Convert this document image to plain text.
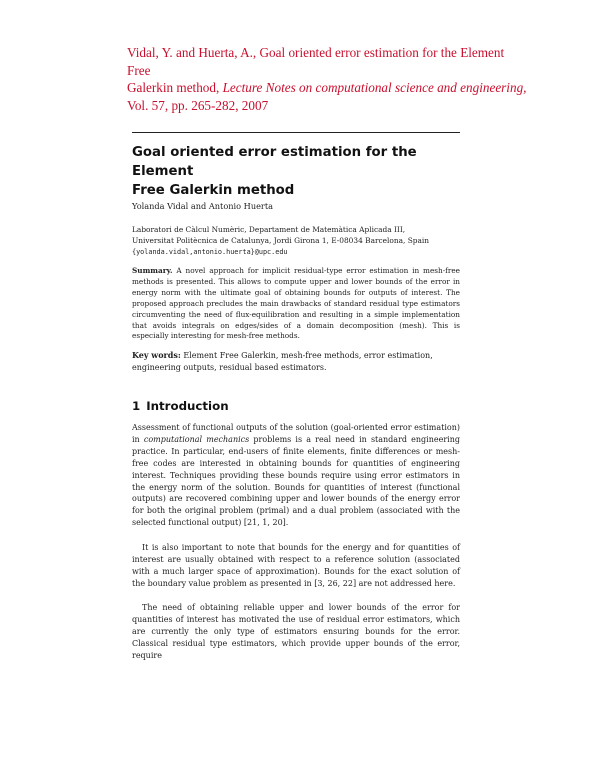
Vidal, Y. and Huerta, A., Goal oriented error estimation for the Element Free
Galerkin method, Lecture Notes on computational science and engineering,
Vol. 57, pp. 265-282, 2007
Goal oriented error estimation for the Element
Free Galerkin method
Yolanda Vidal and Antonio Huerta
Laboratori de Càlcul Numèric, Departament de Matemàtica Aplicada III,
Universitat Politècnica de Catalunya, Jordi Girona 1, E-08034 Barcelona, Spain
{yolanda.vidal,antonio.huerta}@upc.edu
Summary. A novel approach for implicit residual-type error estimation in mesh-free methods is presented. This allows to compute upper and lower bounds of the error in energy norm with the ultimate goal of obtaining bounds for outputs of interest. The proposed approach precludes the main drawbacks of standard residual type estimators circumventing the need of flux-equilibration and resulting in a simple implementation that avoids integrals on edges/sides of a domain decomposition (mesh). This is especially interesting for mesh-free methods.
Key words: Element Free Galerkin, mesh-free methods, error estimation, engineering outputs, residual based estimators.
1 Introduction
Assessment of functional outputs of the solution (goal-oriented error estimation) in computational mechanics problems is a real need in standard engineering practice. In particular, end-users of finite elements, finite differences or mesh-free codes are interested in obtaining bounds for quantities of engineering interest. Techniques providing these bounds require using error estimators in the energy norm of the solution. Bounds for quantities of interest (functional outputs) are recovered combining upper and lower bounds of the energy error for both the original problem (primal) and a dual problem (associated with the selected functional output) [21, 1, 20].
It is also important to note that bounds for the energy and for quantities of interest are usually obtained with respect to a reference solution (associated with a much larger space of approximation). Bounds for the exact solution of the boundary value problem as presented in [3, 26, 22] are not addressed here.
The need of obtaining reliable upper and lower bounds of the error for quantities of interest has motivated the use of residual error estimators, which are currently the only type of estimators ensuring bounds for the error. Classical residual type estimators, which provide upper bounds of the error, require
